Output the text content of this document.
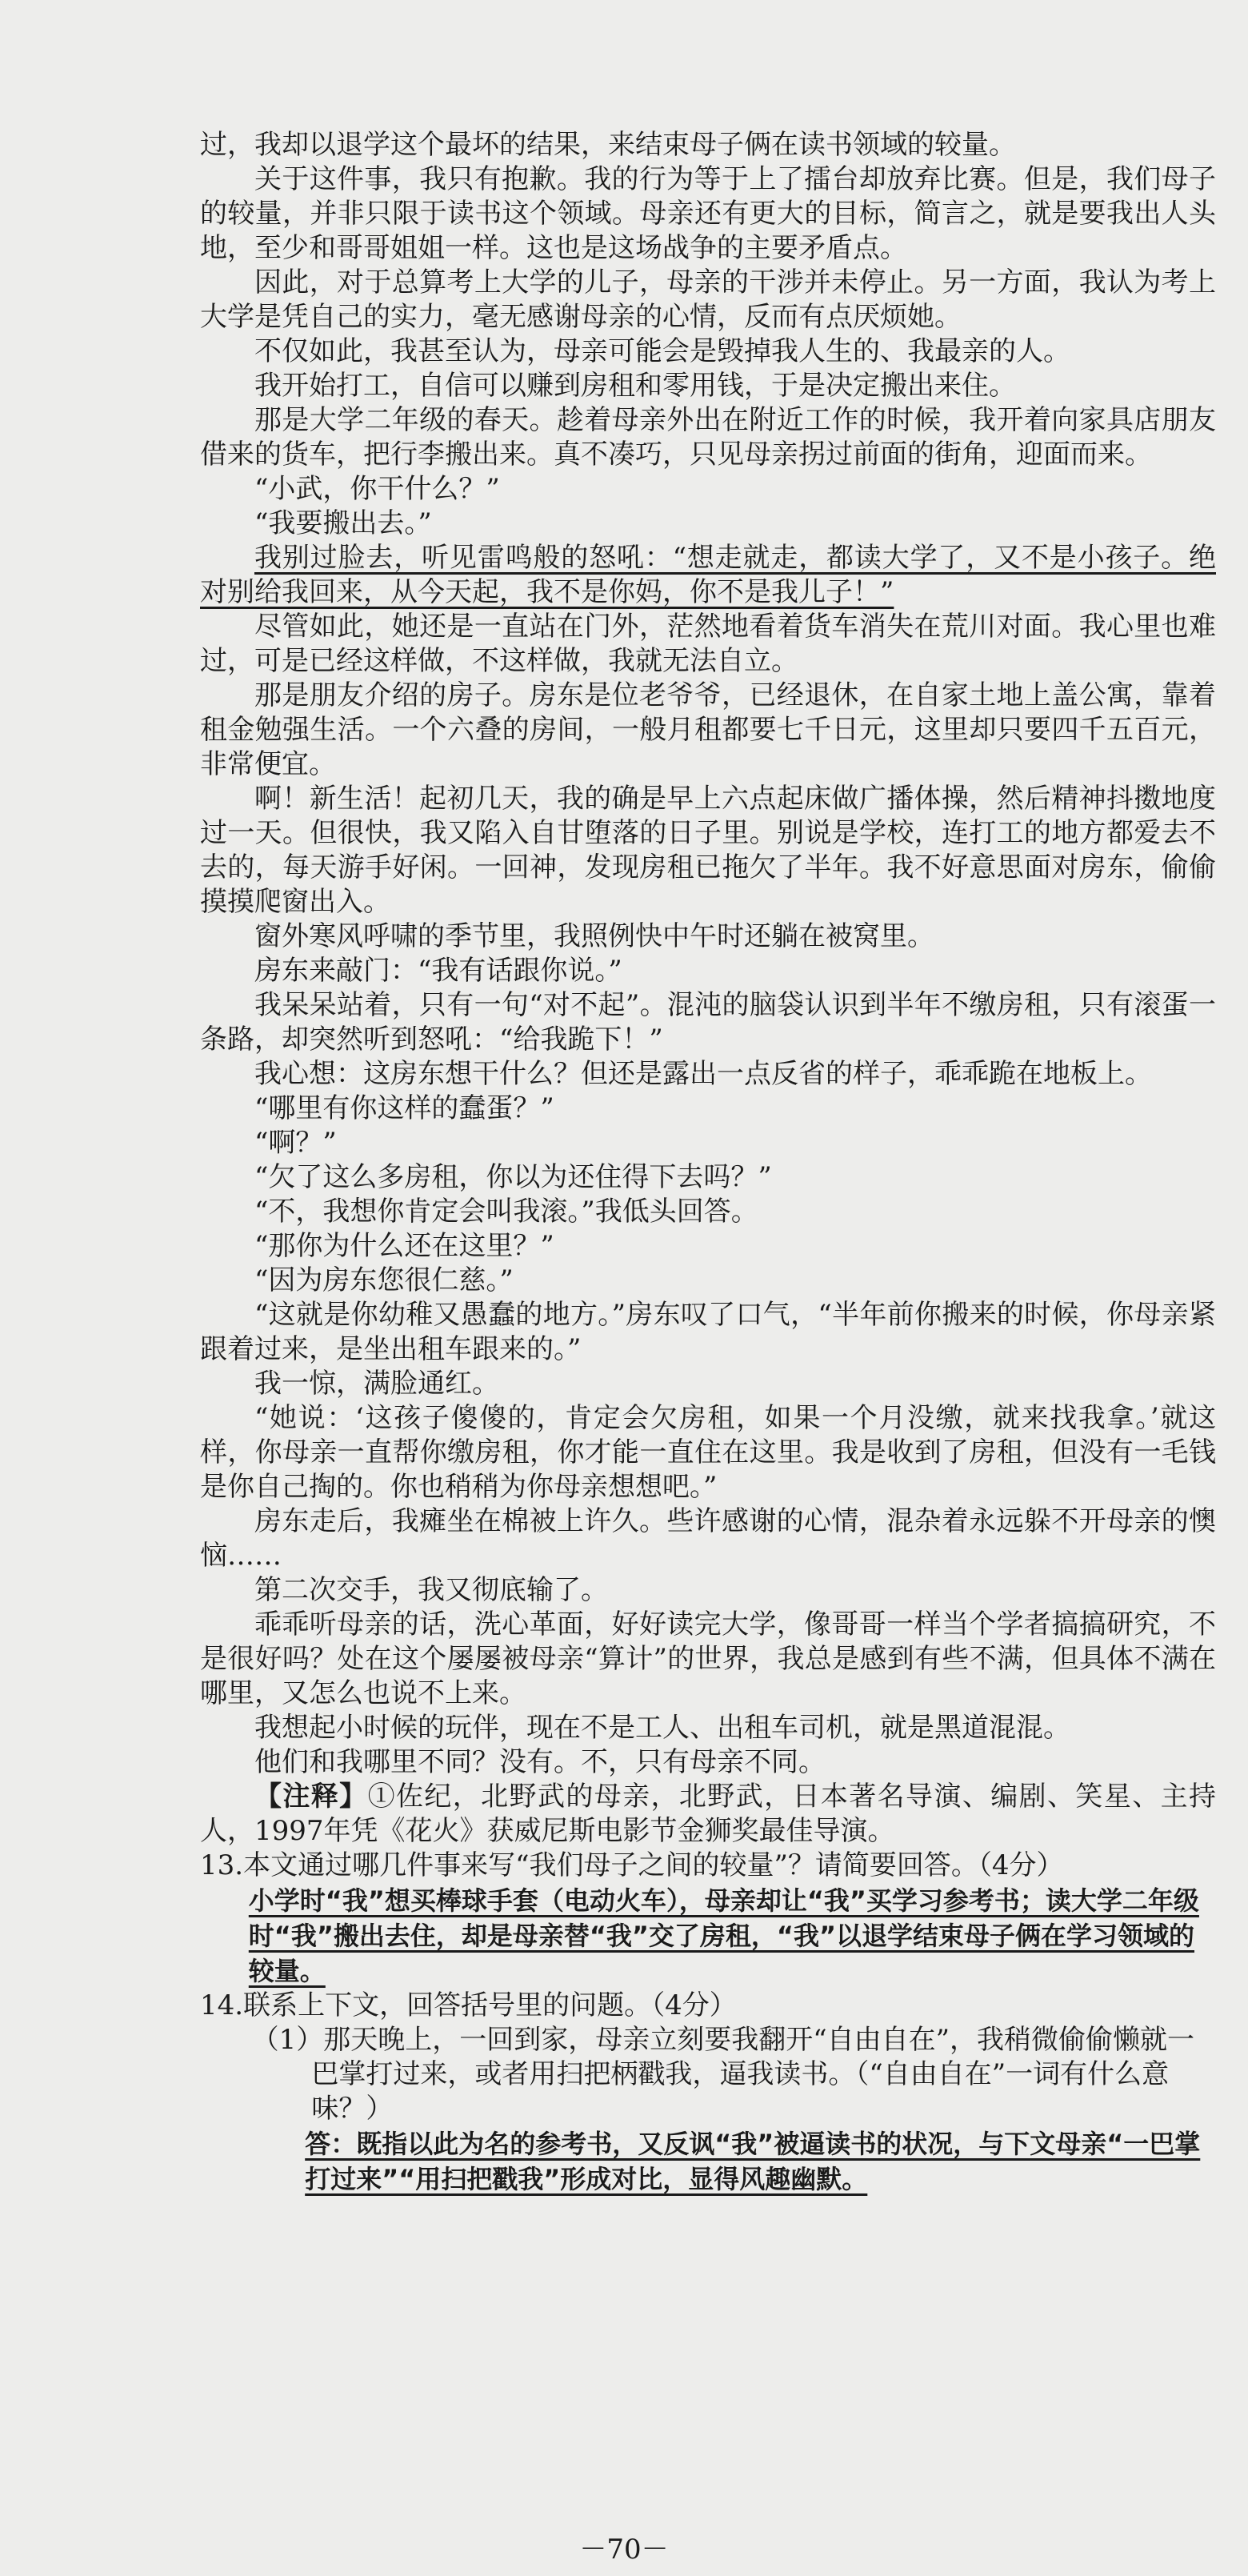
过，我却以退学这个最坏的结果，来结束母子俩在读书领域的较量。

关于这件事，我只有抱歉。我的行为等于上了擂台却放弃比赛。但是，我们母子的较量，并非只限于读书这个领域。母亲还有更大的目标，简言之，就是要我出人头地，至少和哥哥姐姐一样。这也是这场战争的主要矛盾点。

因此，对于总算考上大学的儿子，母亲的干涉并未停止。另一方面，我认为考上大学是凭自己的实力，毫无感谢母亲的心情，反而有点厌烦她。

不仅如此，我甚至认为，母亲可能会是毁掉我人生的、我最亲的人。

我开始打工，自信可以赚到房租和零用钱，于是决定搬出来住。

那是大学二年级的春天。趁着母亲外出在附近工作的时候，我开着向家具店朋友借来的货车，把行李搬出来。真不凑巧，只见母亲拐过前面的街角，迎面而来。

“小武，你干什么？”

“我要搬出去。”

我别过脸去，听见雷鸣般的怒吼：“想走就走，都读大学了，又不是小孩子。绝对别给我回来，从今天起，我不是你妈，你不是我儿子！”

尽管如此，她还是一直站在门外，茫然地看着货车消失在荒川对面。我心里也难过，可是已经这样做，不这样做，我就无法自立。

那是朋友介绍的房子。房东是位老爷爷，已经退休，在自家土地上盖公寓，靠着租金勉强生活。一个六叠的房间，一般月租都要七千日元，这里却只要四千五百元，非常便宜。

啊！新生活！起初几天，我的确是早上六点起床做广播体操，然后精神抖擞地度过一天。但很快，我又陷入自甘堕落的日子里。别说是学校，连打工的地方都爱去不去的，每天游手好闲。一回神，发现房租已拖欠了半年。我不好意思面对房东，偷偷摸摸爬窗出入。

窗外寒风呼啸的季节里，我照例快中午时还躺在被窝里。

房东来敲门：“我有话跟你说。”

我呆呆站着，只有一句“对不起”。混沌的脑袋认识到半年不缴房租，只有滚蛋一条路，却突然听到怒吼：“给我跪下！”

我心想：这房东想干什么？但还是露出一点反省的样子，乖乖跪在地板上。

“哪里有你这样的蠢蛋？”

“啊？”

“欠了这么多房租，你以为还住得下去吗？”

“不，我想你肯定会叫我滚。”我低头回答。

“那你为什么还在这里？”

“因为房东您很仁慈。”

“这就是你幼稚又愚蠢的地方。”房东叹了口气，“半年前你搬来的时候，你母亲紧跟着过来，是坐出租车跟来的。”

我一惊，满脸通红。

“她说：‘这孩子傻傻的，肯定会欠房租，如果一个月没缴，就来找我拿。’就这样，你母亲一直帮你缴房租，你才能一直住在这里。我是收到了房租，但没有一毛钱是你自己掏的。你也稍稍为你母亲想想吧。”

房东走后，我瘫坐在棉被上许久。些许感谢的心情，混杂着永远躲不开母亲的懊恼……

第二次交手，我又彻底输了。

乖乖听母亲的话，洗心革面，好好读完大学，像哥哥一样当个学者搞搞研究，不是很好吗？处在这个屡屡被母亲“算计”的世界，我总是感到有些不满，但具体不满在哪里，又怎么也说不上来。

我想起小时候的玩伴，现在不是工人、出租车司机，就是黑道混混。

他们和我哪里不同？没有。不，只有母亲不同。

【注释】①佐纪，北野武的母亲，北野武，日本著名导演、编剧、笑星、主持人，1997年凭《花火》获威尼斯电影节金狮奖最佳导演。

13.本文通过哪几件事来写“我们母子之间的较量”？请简要回答。（4分）

小学时“我”想买棒球手套（电动火车），母亲却让“我”买学习参考书；读大学二年级时“我”搬出去住，却是母亲替“我”交了房租，“我”以退学结束母子俩在学习领域的较量。

14.联系上下文，回答括号里的问题。（4分）

（1）那天晚上，一回到家，母亲立刻要我翻开“自由自在”，我稍微偷偷懒就一巴掌打过来，或者用扫把柄戳我，逼我读书。（“自由自在”一词有什么意味？）

答：既指以此为名的参考书，又反讽“我”被逼读书的状况，与下文母亲“一巴掌打过来”“用扫把戳我”形成对比，显得风趣幽默。

－70－
